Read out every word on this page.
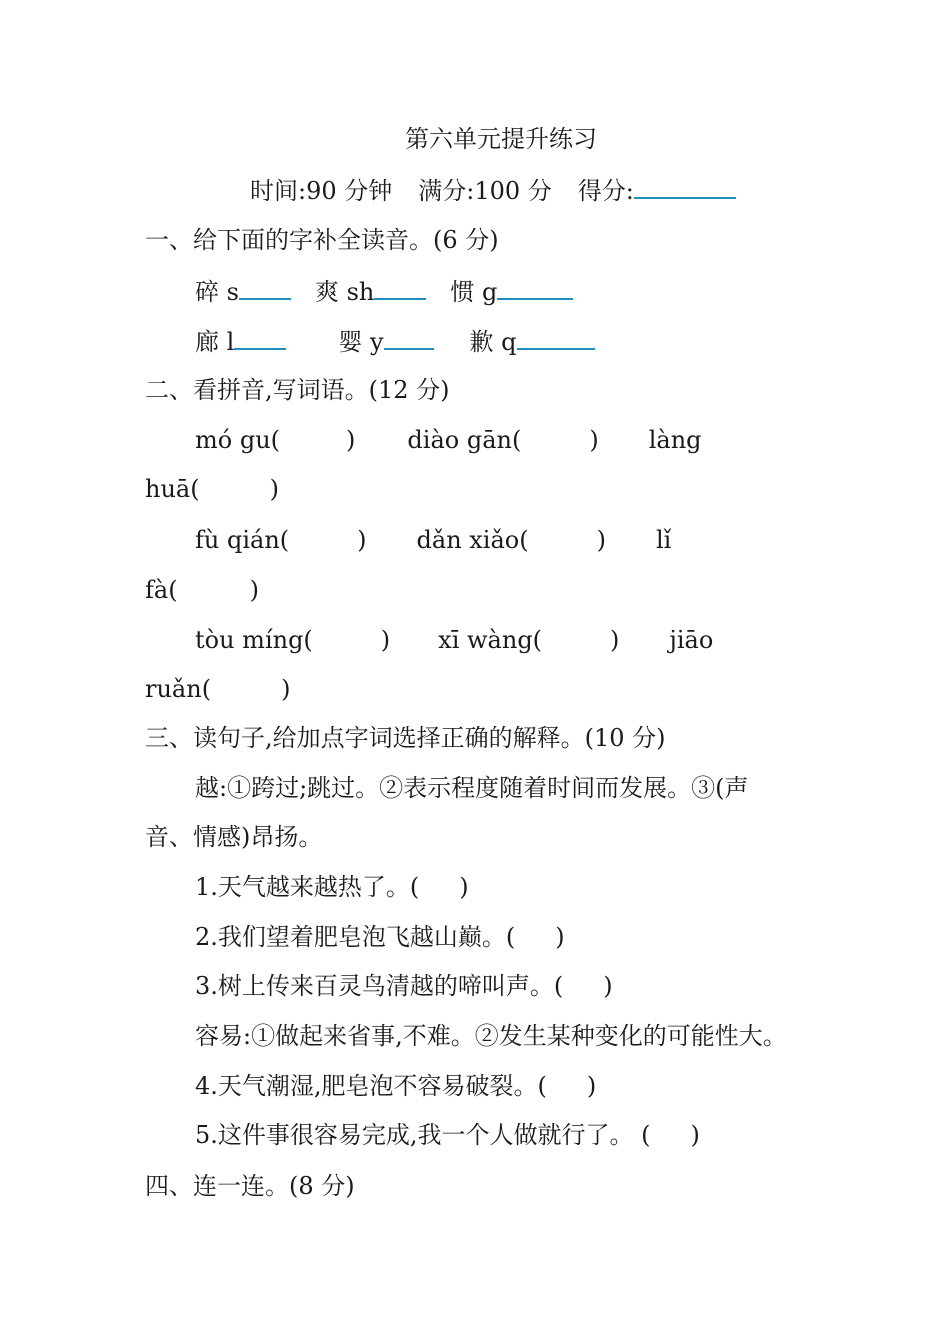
第六单元提升练习
时间:90 分钟 满分:100 分 得分:
一、给下面的字补全读音。(6 分)
碎 s	爽 sh	惯 g
廊 l	婴 y	歉 q
二、看拼音,写词语。(12 分)
mó gu(	) diào gān(	) làng
huā(	)
fù qián(	) dǎn xiǎo(	) lǐ
fà(	)
tòu míng(	) xī wàng(	) jiāo
ruǎn(	)
三、读句子,给加点字词选择正确的解释。(10 分)
越:①跨过;跳过。②表示程度随着时间而发展。③(声
音、情感)昂扬。
1.天气越来越热了。( )
2.我们望着肥皂泡飞越山巅。( )
3.树上传来百灵鸟清越的啼叫声。( )
容易:①做起来省事,不难。②发生某种变化的可能性大。
4.天气潮湿,肥皂泡不容易破裂。( )
5.这件事很容易完成,我一个人做就行了。 ( )
四、连一连。(8 分)
